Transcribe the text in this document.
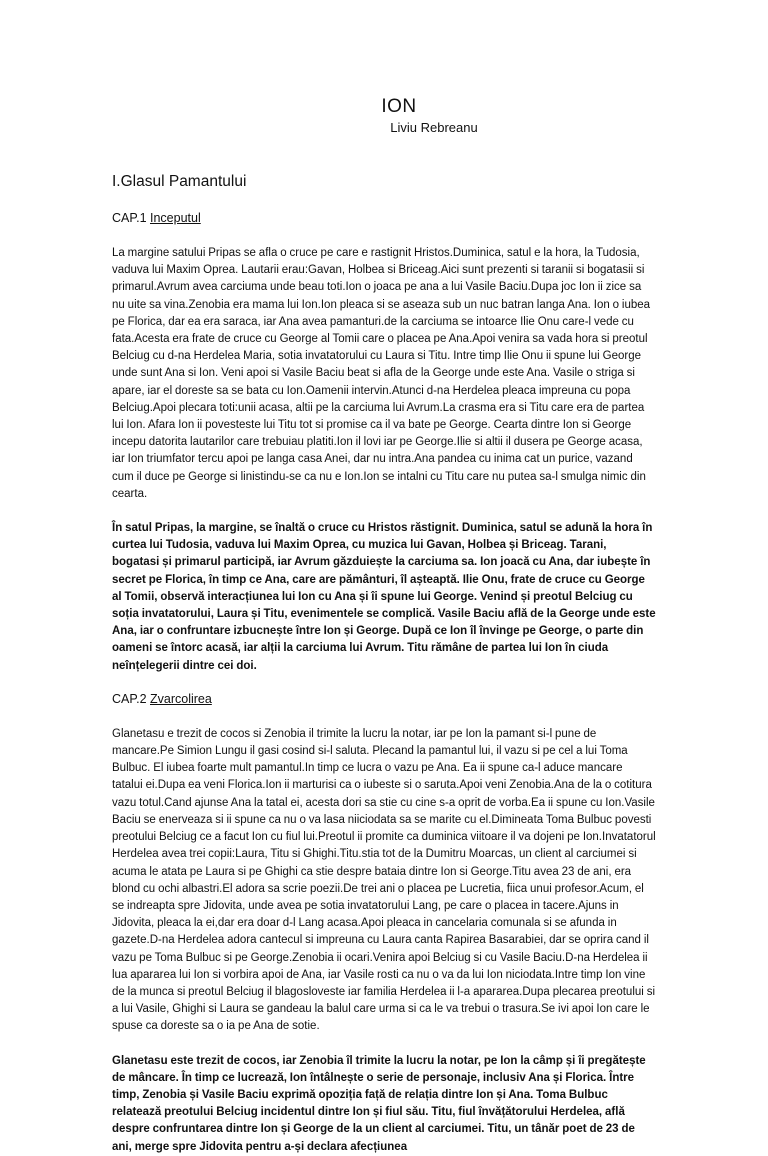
ION
Liviu Rebreanu
I.Glasul Pamantului
CAP.1 Inceputul

La margine satului Pripas se afla o cruce pe care e rastignit Hristos.Duminica, satul e la hora, la Tudosia, vaduva lui Maxim Oprea. Lautarii erau:Gavan, Holbea si Briceag.Aici sunt prezenti si taranii si bogatasii si primarul.Avrum avea carciuma unde beau toti.Ion o joaca pe ana a lui Vasile Baciu.Dupa joc Ion ii zice sa nu uite sa vina.Zenobia era mama lui Ion.Ion pleaca si se aseaza sub un nuc batran langa Ana. Ion o iubea pe Florica, dar ea era saraca, iar Ana avea pamanturi.de la carciuma se intoarce Ilie Onu care-l vede cu fata.Acesta era frate de cruce cu George al Tomii care o placea pe Ana.Apoi venira sa vada hora si preotul Belciug cu d-na Herdelea Maria, sotia invatatorului cu Laura si Titu. Intre timp Ilie Onu ii spune lui George unde sunt Ana si Ion. Veni apoi si Vasile Baciu beat si afla de la George unde este Ana. Vasile o striga si apare, iar el doreste sa se bata cu Ion.Oamenii intervin.Atunci d-na Herdelea pleaca impreuna cu popa Belciug.Apoi plecara toti:unii acasa, altii pe la carciuma lui Avrum.La crasma era si Titu care era de partea lui Ion. Afara Ion ii povesteste lui Titu tot si promise ca il va bate pe George. Cearta dintre Ion si George incepu datorita lautarilor care trebuiau platiti.Ion il lovi iar pe George.Ilie si altii il dusera pe George acasa, iar Ion triumfator tercu apoi pe langa casa Anei, dar nu intra.Ana pandea cu inima cat un purice, vazand cum il duce pe George si linistindu-se ca nu e Ion.Ion se intalni cu Titu care nu putea sa-l smulga nimic din cearta.

În satul Pripas, la margine, se înaltă o cruce cu Hristos răstignit. Duminica, satul se adună la hora în curtea lui Tudosia, vaduva lui Maxim Oprea, cu muzica lui Gavan, Holbea și Briceag. Tarani, bogatasi și primarul participă, iar Avrum găzduiește la carciuma sa. Ion joacă cu Ana, dar iubește în secret pe Florica, în timp ce Ana, care are pământuri, îl așteaptă. Ilie Onu, frate de cruce cu George al Tomii, observă interacțiunea lui Ion cu Ana și îi spune lui George. Venind și preotul Belciug cu soția invatatorului, Laura și Titu, evenimentele se complică. Vasile Baciu află de la George unde este Ana, iar o confruntare izbucnește între Ion și George. După ce Ion îl învinge pe George, o parte din oameni se întorc acasă, iar alții la carciuma lui Avrum. Titu rămâne de partea lui Ion în ciuda neînțelegerii dintre cei doi.

CAP.2 Zvarcolirea

Glanetasu e trezit de cocos si Zenobia il trimite la lucru la notar, iar pe Ion la pamant si-l pune de mancare.Pe Simion Lungu il gasi cosind si-l saluta. Plecand la pamantul lui, il vazu si pe cel a lui Toma Bulbuc. El iubea foarte mult pamantul.In timp ce lucra o vazu pe Ana. Ea ii spune ca-l aduce mancare tatalui ei.Dupa ea veni Florica.Ion ii marturisi ca o iubeste si o saruta.Apoi veni Zenobia.Ana de la o cotitura vazu totul.Cand ajunse Ana la tatal ei, acesta dori sa stie cu cine s-a oprit de vorba.Ea ii spune cu Ion.Vasile Baciu se enerveaza si ii spune ca nu o va lasa niiciodata sa se marite cu el.Dimineata Toma Bulbuc povesti preotului Belciug ce a facut Ion cu fiul lui.Preotul ii promite ca duminica viitoare il va dojeni pe Ion.Invatatorul Herdelea avea trei copii:Laura, Titu si Ghighi.Titu.stia tot de la Dumitru Moarcas, un client al carciumei si acuma le atata pe Laura si pe Ghighi ca stie despre bataia dintre Ion si George.Titu avea 23 de ani, era blond cu ochi albastri.El adora sa scrie poezii.De trei ani o placea pe Lucretia, fiica unui profesor.Acum, el se indreapta spre Jidovita, unde avea pe sotia invatatorului Lang, pe care o placea in tacere.Ajuns in Jidovita, pleaca la ei,dar era doar d-l Lang acasa.Apoi pleaca in cancelaria comunala si se afunda in gazete.D-na Herdelea adora cantecul si impreuna cu Laura canta Rapirea Basarabiei, dar se oprira cand il vazu pe Toma Bulbuc si pe George.Zenobia ii ocari.Venira apoi Belciug si cu Vasile Baciu.D-na Herdelea ii lua apararea lui Ion si vorbira apoi de Ana, iar Vasile rosti ca nu o va da lui Ion niciodata.Intre timp Ion vine de la munca si preotul Belciug il blagosloveste iar familia Herdelea ii l-a apararea.Dupa plecarea preotului si a lui Vasile, Ghighi si Laura se gandeau la balul care urma si ca le va trebui o trasura.Se ivi apoi Ion care le spuse ca doreste sa o ia pe Ana de sotie.

Glanetasu este trezit de cocos, iar Zenobia îl trimite la lucru la notar, pe Ion la câmp și îi pregătește de mâncare. În timp ce lucrează, Ion întâlnește o serie de personaje, inclusiv Ana și Florica. Între timp, Zenobia și Vasile Baciu exprimă opoziția față de relația dintre Ion și Ana. Toma Bulbuc relatează preotului Belciug incidentul dintre Ion și fiul său. Titu, fiul învățătorului Herdelea, află despre confruntarea dintre Ion și George de la un client al carciumei. Titu, un tânăr poet de 23 de ani, merge spre Jidovita pentru a-și declara afecțiunea
